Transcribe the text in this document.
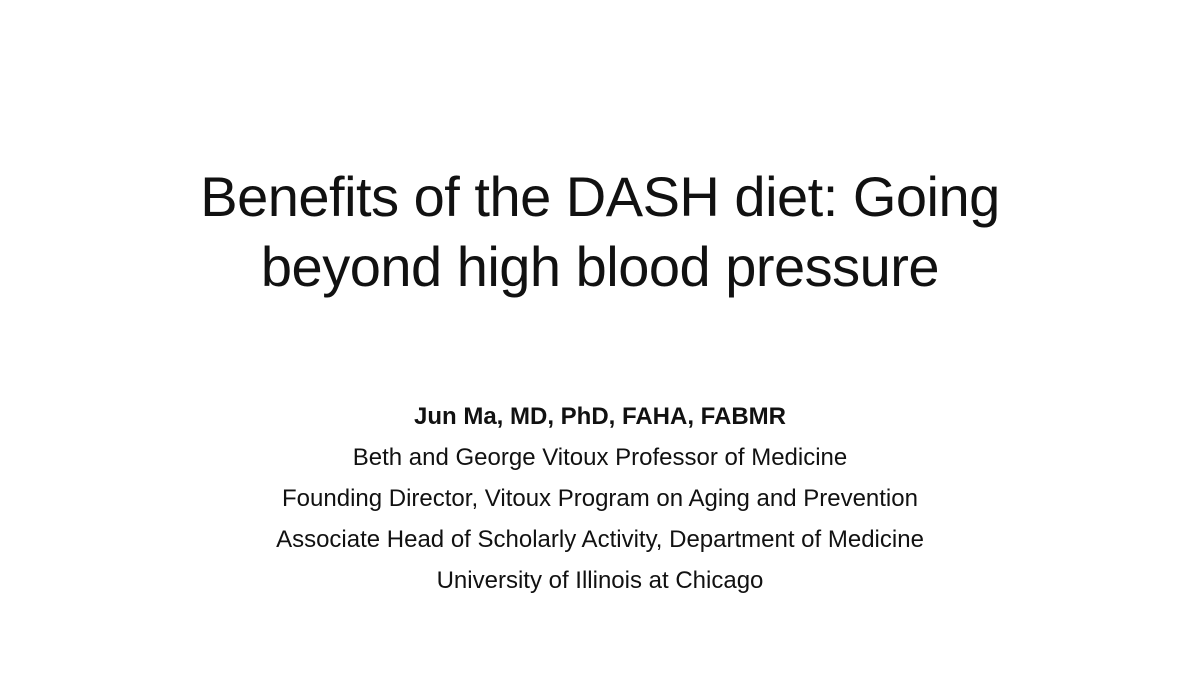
Benefits of the DASH diet: Going
beyond high blood pressure
Jun Ma, MD, PhD, FAHA, FABMR
Beth and George Vitoux Professor of Medicine
Founding Director, Vitoux Program on Aging and Prevention
Associate Head of Scholarly Activity, Department of Medicine
University of Illinois at Chicago
